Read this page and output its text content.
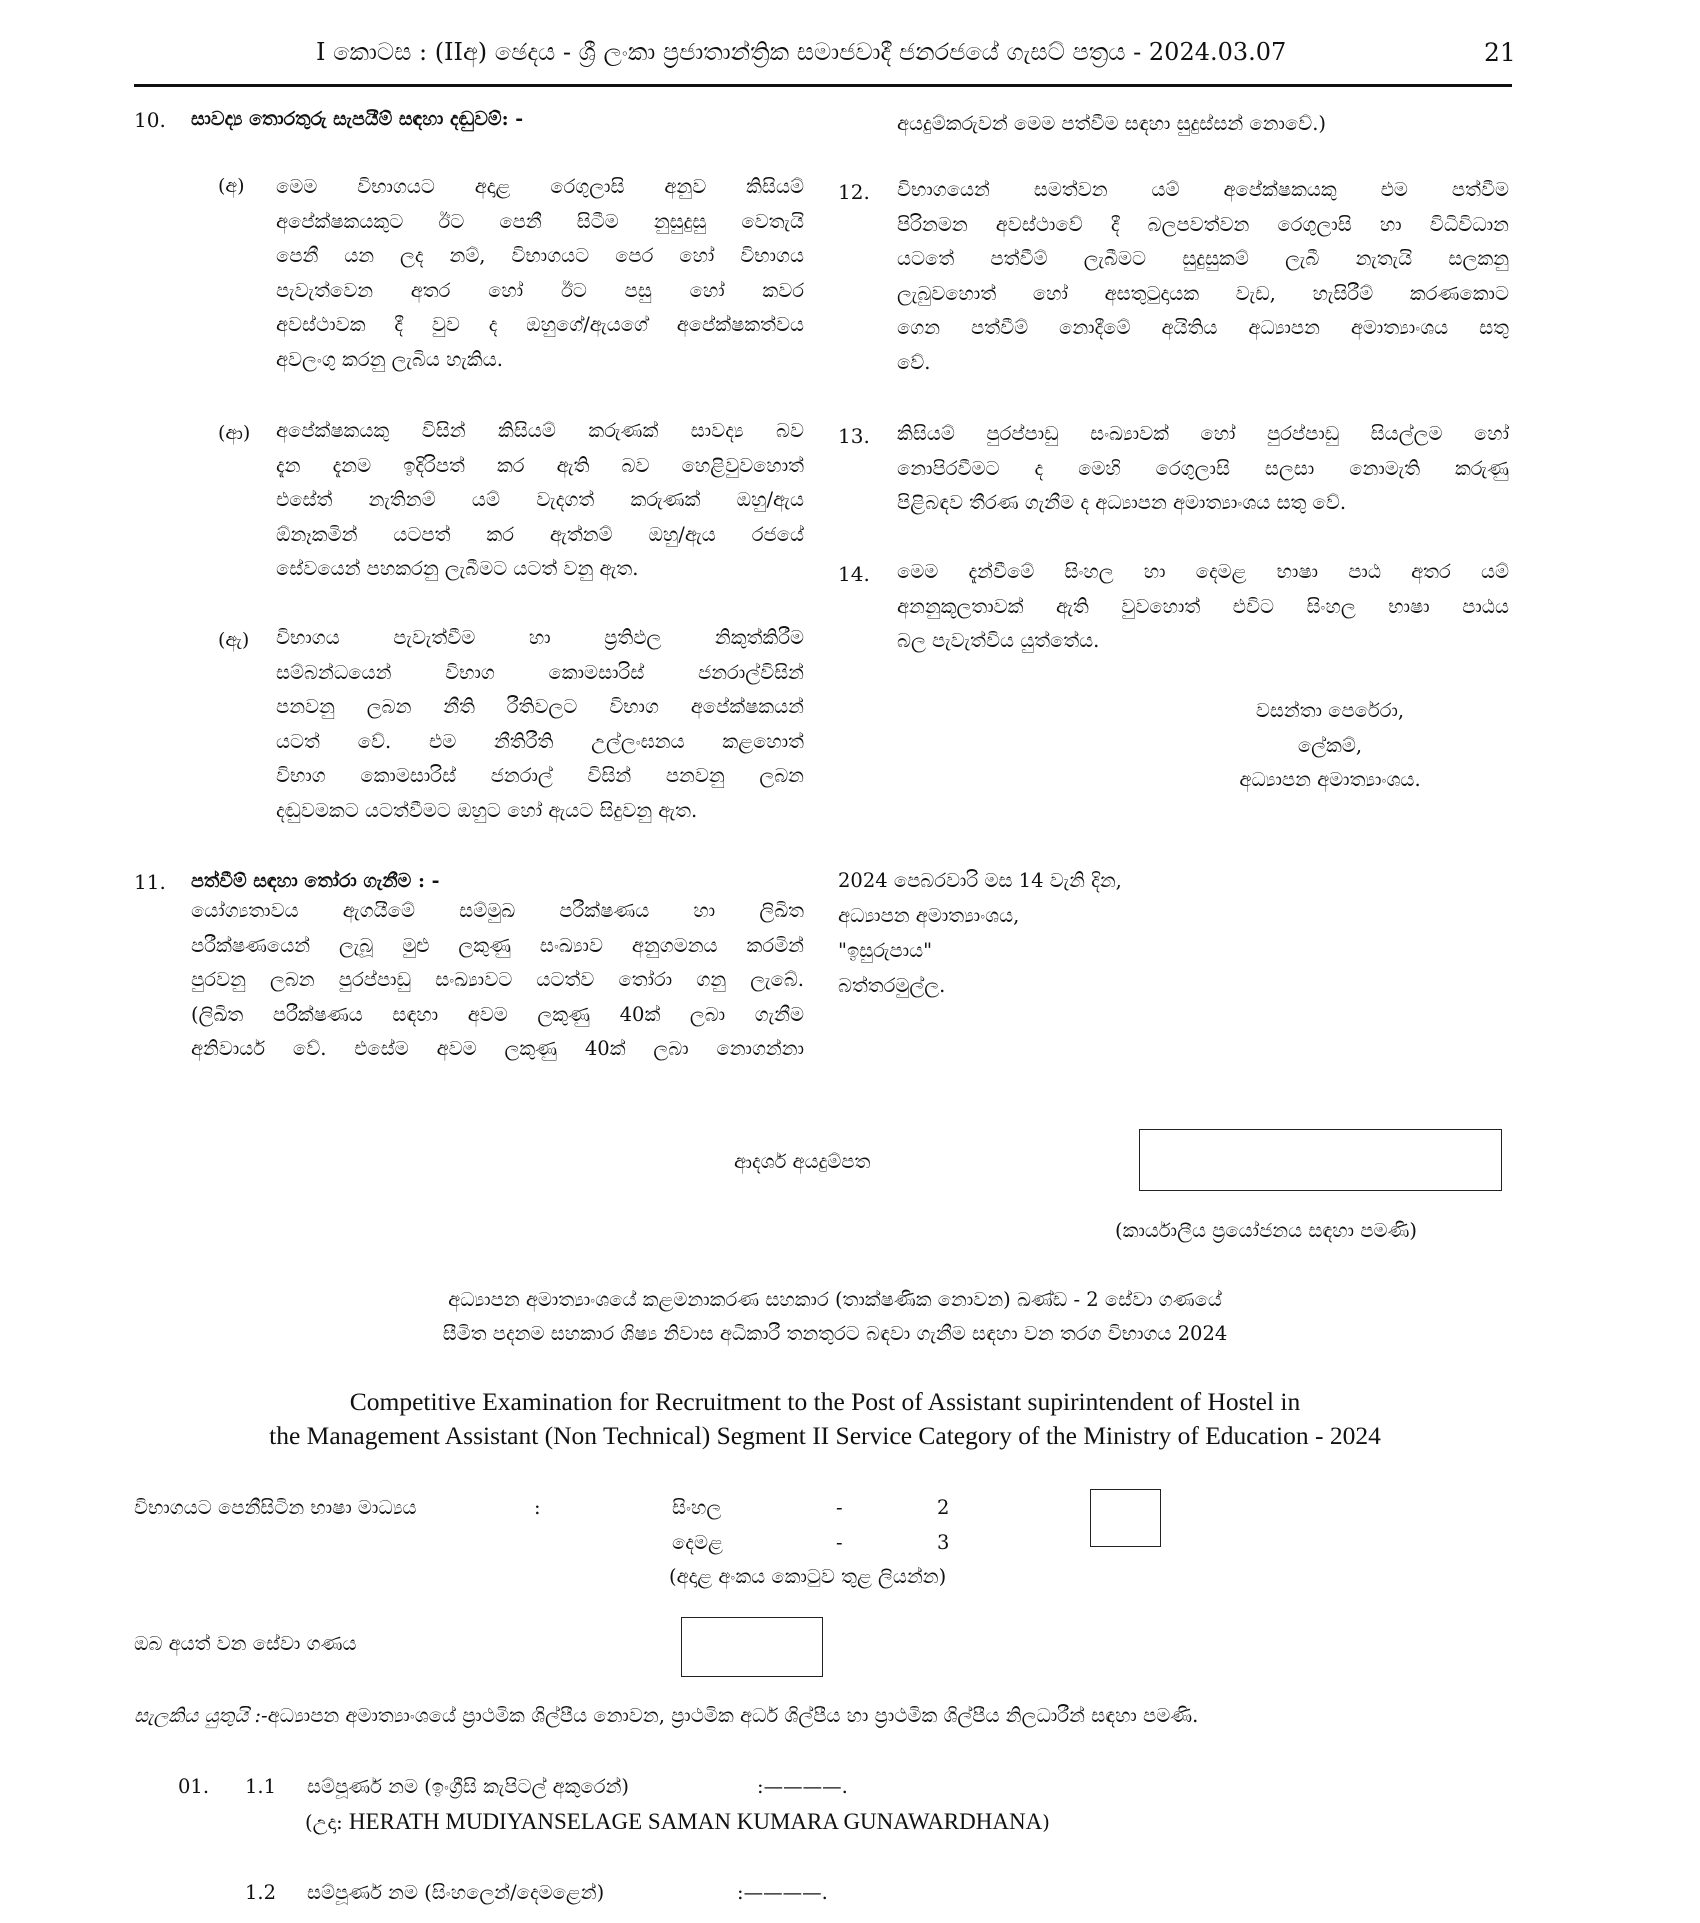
I කොටස : (IIඅ) ඡෙදය - ශ්‍රී ලංකා ප්‍රජාතාන්ත්‍රික සමාජවාදී ජනරජයේ ගැසට් පත්‍රය - 2024.03.07	21
10. සාවද්‍ය තොරතුරු සැපයීම් සඳහා දඬුවම්: -
(අ) මෙම විභාගයට අදාළ රෙගුලාසි අනුව කිසියම්
අපේක්ෂකයකුට ඊට පෙනී සිටීම නුසුදුසු වෙතැයි
පෙනී යන ලද නම්, විභාගයට පෙර හෝ විභාගය
පැවැත්වෙන අතර හෝ ඊට පසු හෝ කවර
අවස්ථාවක දී වුව ද ඔහුගේ/ඇයගේ අපේක්ෂකත්වය
අවලංගු කරනු ලැබිය හැකිය.
(ආ) අපේක්ෂකයකු විසින් කිසියම් කරුණක් සාවද්‍ය බව
දැන දැනම ඉදිරිපත් කර ඇති බව හෙළිවුවහොත්
එසේත් නැතිනම් යම් වැදගත් කරුණක් ඔහු/ඇය
ඕනෑකමින් යටපත් කර ඇත්නම් ඔහු/ඇය රජයේ
සේවයෙන් පහකරනු ලැබීමට යටත් වනු ඇත.
(ඇ) විභාගය පැවැත්වීම හා ප්‍රතිඵල නිකුත්කිරීම
සම්බන්ධයෙන් විභාග කොමසාරිස් ජනරාල්විසින්
පනවනු ලබන නීති රීතිවලට විභාග අපේක්ෂකයන්
යටත් වේ. එම නීතිරීති උල්ලංඝනය කළහොත්
විභාග කොමසාරිස් ජනරාල් විසින් පනවනු ලබන
දඬුවමකට යටත්වීමට ඔහුට හෝ ඇයට සිදුවනු ඇත.
11. පත්වීම් සඳහා තෝරා ගැනීම : -
යෝග්‍යතාවය ඇගයීමේ සම්මුඛ පරීක්ෂණය හා ලිඛිත
පරීක්ෂණයෙන් ලැබූ මුළු ලකුණු සංඛ්‍යාව අනුගමනය කරමින්
පුරවනු ලබන පුරප්පාඩු සංඛ්‍යාවට යටත්ව තෝරා ගනු ලැබේ.
(ලිඛිත පරීක්ෂණය සඳහා අවම ලකුණු 40ක් ලබා ගැනීම
අනිවාර්ය වේ. එසේම අවම ලකුණු 40ක් ලබා නොගන්නා
අයදුම්කරුවන් මෙම පත්වීම සඳහා සුදුස්සන් නොවේ.)
12. විභාගයෙන් සමත්වන යම් අපේක්ෂකයකු එම පත්වීම
පිරිනමන අවස්ථාවේ දී බලපවත්වන රෙගුලාසි හා විධිවිධාන
යටතේ පත්වීම් ලැබීමට සුදුසුකම් ලැබී නැතැයි සලකනු
ලැබුවහොත් හෝ අසතුටුදායක වැඩ, හැසිරීම් කරණකොට
ගෙන පත්වීම් නොදීමේ අයිතිය අධ්‍යාපන අමාත්‍යාංශය සතු
වේ.
13. කිසියම් පුරප්පාඩු සංඛ්‍යාවක් හෝ පුරප්පාඩු සියල්ලම හෝ
නොපිරවීමට ද මෙහි රෙගුලාසි සලසා නොමැති කරුණු
පිළිබඳව තීරණ ගැනීම ද අධ්‍යාපන අමාත්‍යාංශය සතු වේ.
14. මෙම දැන්වීමේ සිංහල හා දෙමළ භාෂා පාඨ අතර යම්
අනනුකූලතාවක් ඇති වුවහොත් එවිට සිංහල භාෂා පාඨය
බල පැවැත්විය යුත්තේය.
වසන්තා පෙරේරා,
ලේකම්,
අධ්‍යාපන අමාත්‍යාංශය.
2024 පෙබරවාරි මස 14 වැනි දින,
අධ්‍යාපන අමාත්‍යාංශය,
"ඉසුරුපාය"
බත්තරමුල්ල.
ආදර්ශ අයදුම්පත
(කාර්යාලීය ප්‍රයෝජනය සඳහා පමණි)
අධ්‍යාපන අමාත්‍යාංශයේ කළමනාකරණ සහකාර (තාක්ෂණික නොවන) ඛණ්ඩ - 2 සේවා ගණයේ
සීමිත පදනම සහකාර ශිෂ්‍ය නිවාස අධිකාරී තනතුරට බඳවා ගැනීම සඳහා වන තරග විභාගය 2024
Competitive Examination for Recruitment to the Post of Assistant supirintendent of Hostel in
the Management Assistant (Non Technical) Segment II Service Category of the Ministry of Education - 2024
විභාගයට පෙනීසිටින භාෂා මාධ්‍යය	:	සිංහල	-	2
දෙමළ	-	3
(අදාළ අංකය කොටුව තුළ ලියන්න)
ඔබ අයත් වන සේවා ගණය
සැලකිය යුතුයි :-අධ්‍යාපන අමාත්‍යාංශයේ ප්‍රාථමික ශිල්පීය නොවන, ප්‍රාථමික අර්ධ ශිල්පීය හා ප්‍රාථමික ශිල්පීය නිලධාරීන් සඳහා පමණි.
01. 1.1 සම්පූර්ණ නම (ඉංග්‍රීසි කැපිටල් අකුරෙන්)	:————.
(උදා: HERATH MUDIYANSELAGE SAMAN KUMARA GUNAWARDHANA)
1.2 සම්පූර්ණ නම (සිංහලෙන්/දෙමළෙන්)	:————.
